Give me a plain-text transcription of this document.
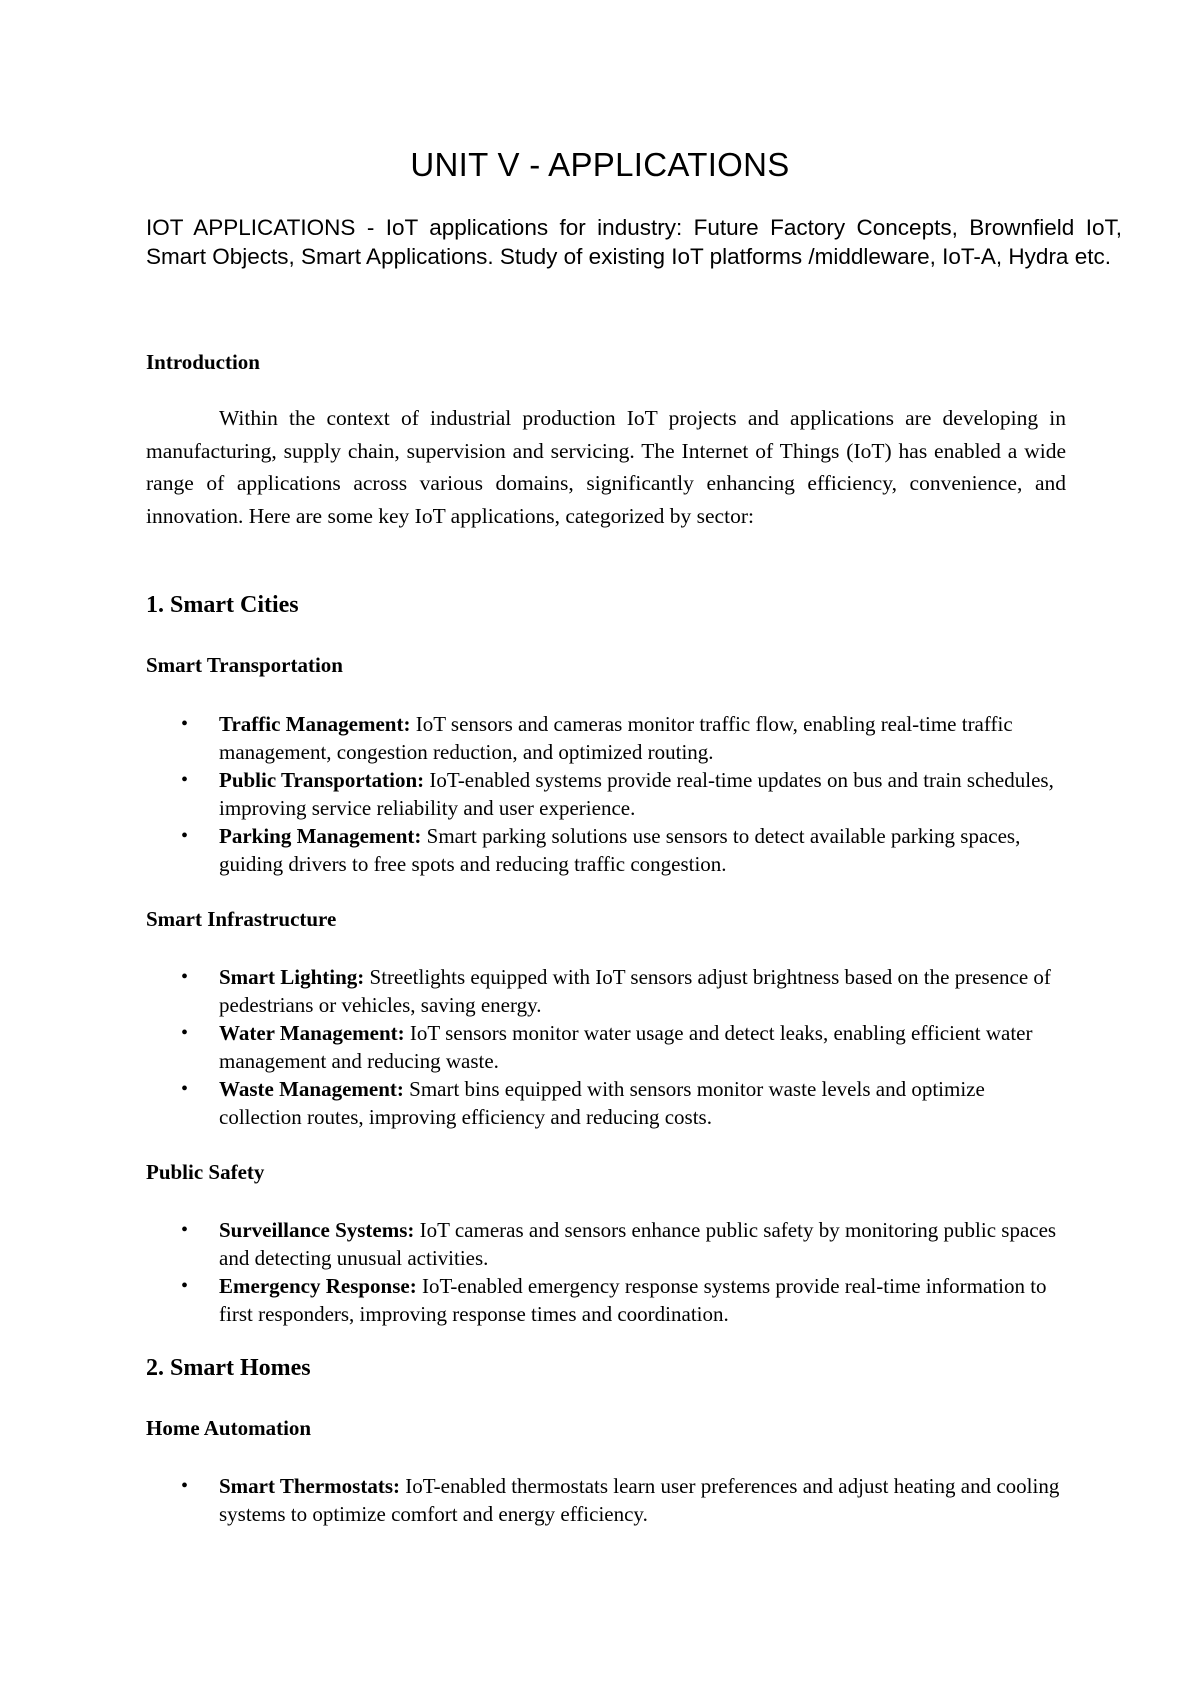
UNIT V - APPLICATIONS
IOT APPLICATIONS - IoT applications for industry: Future Factory Concepts, Brownfield IoT, Smart Objects, Smart Applications. Study of existing IoT platforms /middleware, IoT-A, Hydra etc.
Introduction
Within the context of industrial production IoT projects and applications are developing in manufacturing, supply chain, supervision and servicing. The Internet of Things (IoT) has enabled a wide range of applications across various domains, significantly enhancing efficiency, convenience, and innovation. Here are some key IoT applications, categorized by sector:
1. Smart Cities
Smart Transportation
• Traffic Management: IoT sensors and cameras monitor traffic flow, enabling real-time traffic management, congestion reduction, and optimized routing.
• Public Transportation: IoT-enabled systems provide real-time updates on bus and train schedules, improving service reliability and user experience.
• Parking Management: Smart parking solutions use sensors to detect available parking spaces, guiding drivers to free spots and reducing traffic congestion.
Smart Infrastructure
• Smart Lighting: Streetlights equipped with IoT sensors adjust brightness based on the presence of pedestrians or vehicles, saving energy.
• Water Management: IoT sensors monitor water usage and detect leaks, enabling efficient water management and reducing waste.
• Waste Management: Smart bins equipped with sensors monitor waste levels and optimize collection routes, improving efficiency and reducing costs.
Public Safety
• Surveillance Systems: IoT cameras and sensors enhance public safety by monitoring public spaces and detecting unusual activities.
• Emergency Response: IoT-enabled emergency response systems provide real-time information to first responders, improving response times and coordination.
2. Smart Homes
Home Automation
• Smart Thermostats: IoT-enabled thermostats learn user preferences and adjust heating and cooling systems to optimize comfort and energy efficiency.
